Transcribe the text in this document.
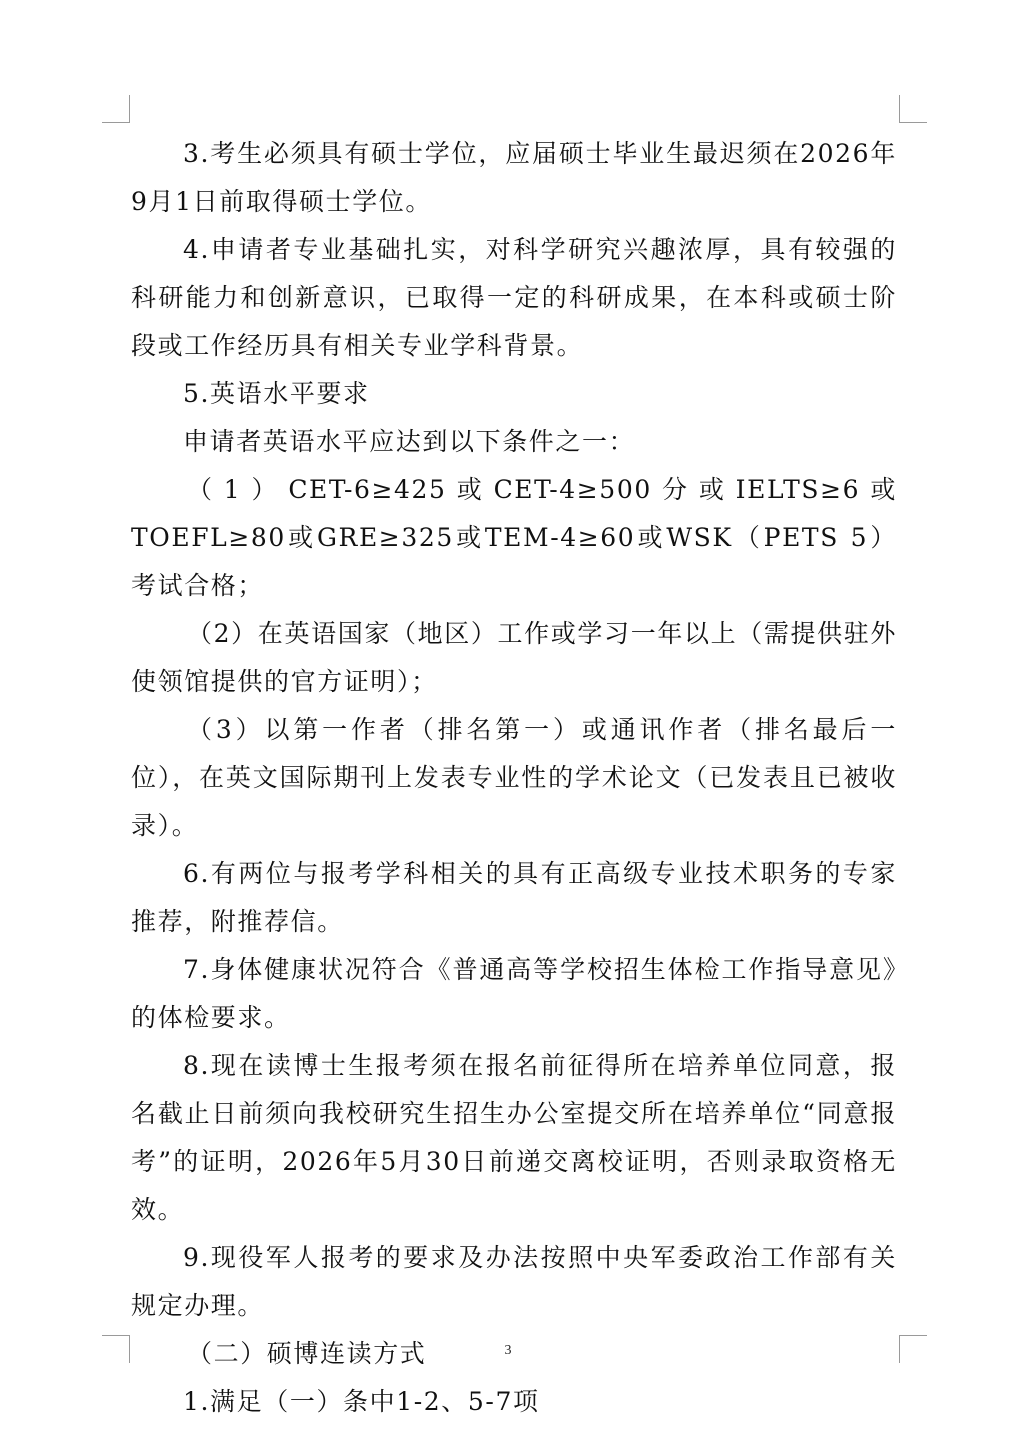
3.考生必须具有硕士学位，应届硕士毕业生最迟须在2026年9月1日前取得硕士学位。

4.申请者专业基础扎实，对科学研究兴趣浓厚，具有较强的科研能力和创新意识，已取得一定的科研成果，在本科或硕士阶段或工作经历具有相关专业学科背景。

5.英语水平要求

申请者英语水平应达到以下条件之一：

（1）CET-6≥425或CET-4≥500分或IELTS≥6或TOEFL≥80或GRE≥325或TEM-4≥60或WSK（PETS 5）考试合格；

（2）在英语国家（地区）工作或学习一年以上（需提供驻外使领馆提供的官方证明）；

（3）以第一作者（排名第一）或通讯作者（排名最后一位），在英文国际期刊上发表专业性的学术论文（已发表且已被收录）。

6.有两位与报考学科相关的具有正高级专业技术职务的专家推荐，附推荐信。

7.身体健康状况符合《普通高等学校招生体检工作指导意见》的体检要求。

8.现在读博士生报考须在报名前征得所在培养单位同意，报名截止日前须向我校研究生招生办公室提交所在培养单位“同意报考”的证明，2026年5月30日前递交离校证明，否则录取资格无效。

9.现役军人报考的要求及办法按照中央军委政治工作部有关规定办理。

（二）硕博连读方式

1.满足（一）条中1-2、5-7项

3
